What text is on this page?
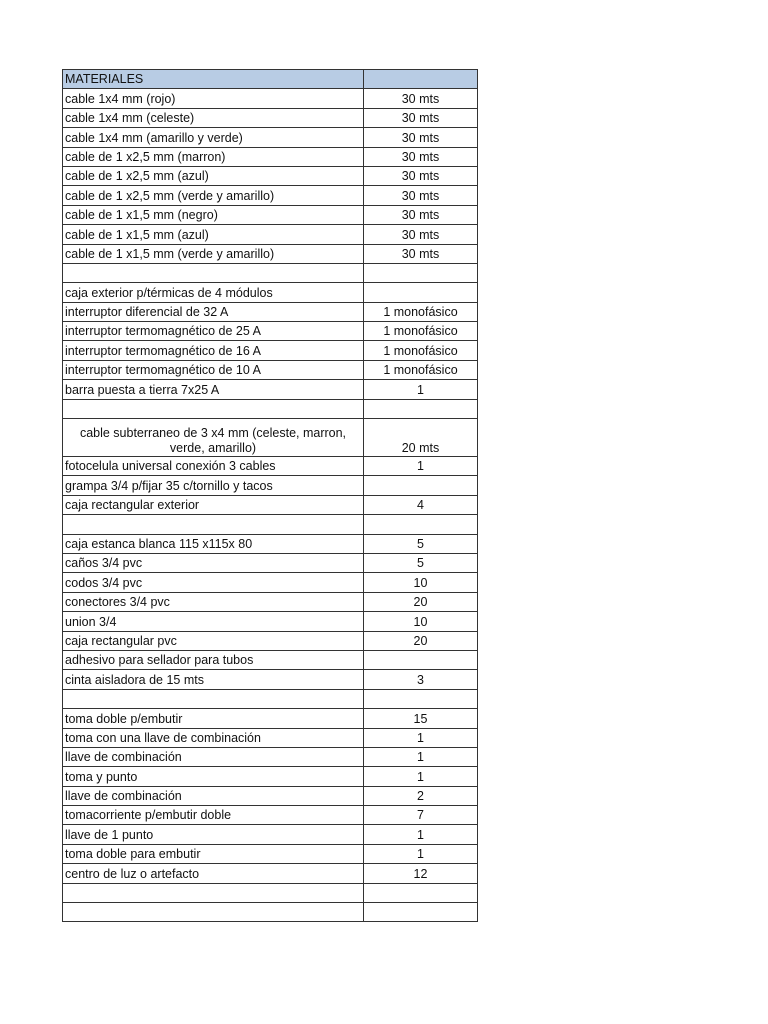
MATERIALES	
cable 1x4 mm (rojo)	30 mts
cable 1x4 mm (celeste)	30 mts
cable 1x4 mm (amarillo y verde)	30 mts
cable de 1 x2,5 mm (marron)	30 mts
cable de 1 x2,5 mm (azul)	30 mts
cable de 1 x2,5 mm (verde y amarillo)	30 mts
cable de 1 x1,5 mm (negro)	30 mts
cable de 1 x1,5 mm (azul)	30 mts
cable de 1 x1,5 mm (verde y amarillo)	30 mts

caja exterior p/térmicas de 4 módulos	
interruptor diferencial de 32 A	1 monofásico
interruptor termomagnético de 25 A	1 monofásico
interruptor termomagnético de 16 A	1 monofásico
interruptor termomagnético de 10 A	1 monofásico
barra puesta a tierra 7x25 A	1

cable subterraneo de 3 x4 mm (celeste, marron, verde, amarillo)	20 mts
fotocelula universal conexión 3 cables	1
grampa 3/4 p/fijar 35 c/tornillo y tacos	
caja rectangular exterior	4

caja estanca blanca 115 x115x 80	5
caños 3/4 pvc	5
codos 3/4 pvc	10
conectores 3/4 pvc	20
union 3/4	10
caja rectangular pvc	20
adhesivo para sellador para tubos	
cinta aisladora de 15 mts	3

toma doble p/embutir	15
toma con una llave de combinación	1
llave de combinación	1
toma y punto	1
llave de combinación	2
tomacorriente p/embutir doble	7
llave de 1 punto	1
toma doble para embutir	1
centro de luz o artefacto	12
